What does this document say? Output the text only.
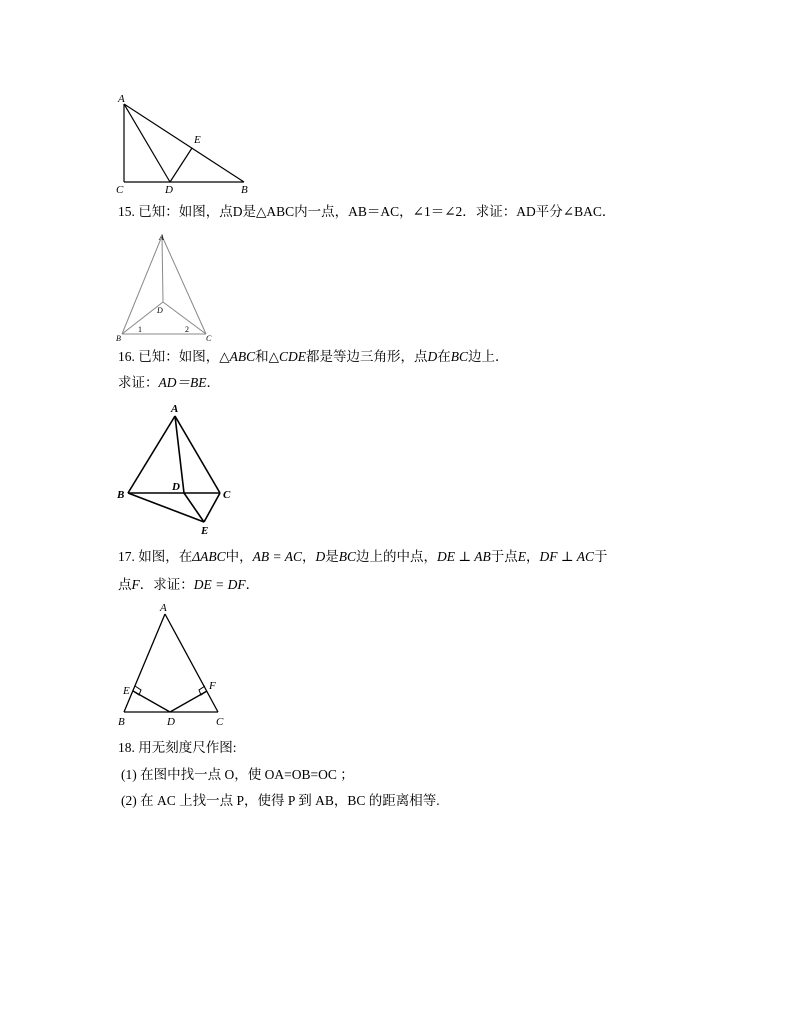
A
E
C	D	B
15. 已知：如图，点D是△ABC内一点，AB＝AC，∠1＝∠2．求证：AD平分∠BAC．
A
D
B
1	2
C
16. 已知：如图，△ABC和△CDE都是等边三角形，点D在BC边上．
求证：AD＝BE．
A
D
B	C
E
17. 如图，在ΔABC中，AB = AC，D是BC边上的中点，DE ⊥ AB于点E，DF ⊥ AC于
点F．求证：DE = DF．
A
E	F
B	D	C
18. 用无刻度尺作图:
(1) 在图中找一点 O，使 OA=OB=OC ；
(2) 在 AC 上找一点 P，使得 P 到 AB，BC 的距离相等.
